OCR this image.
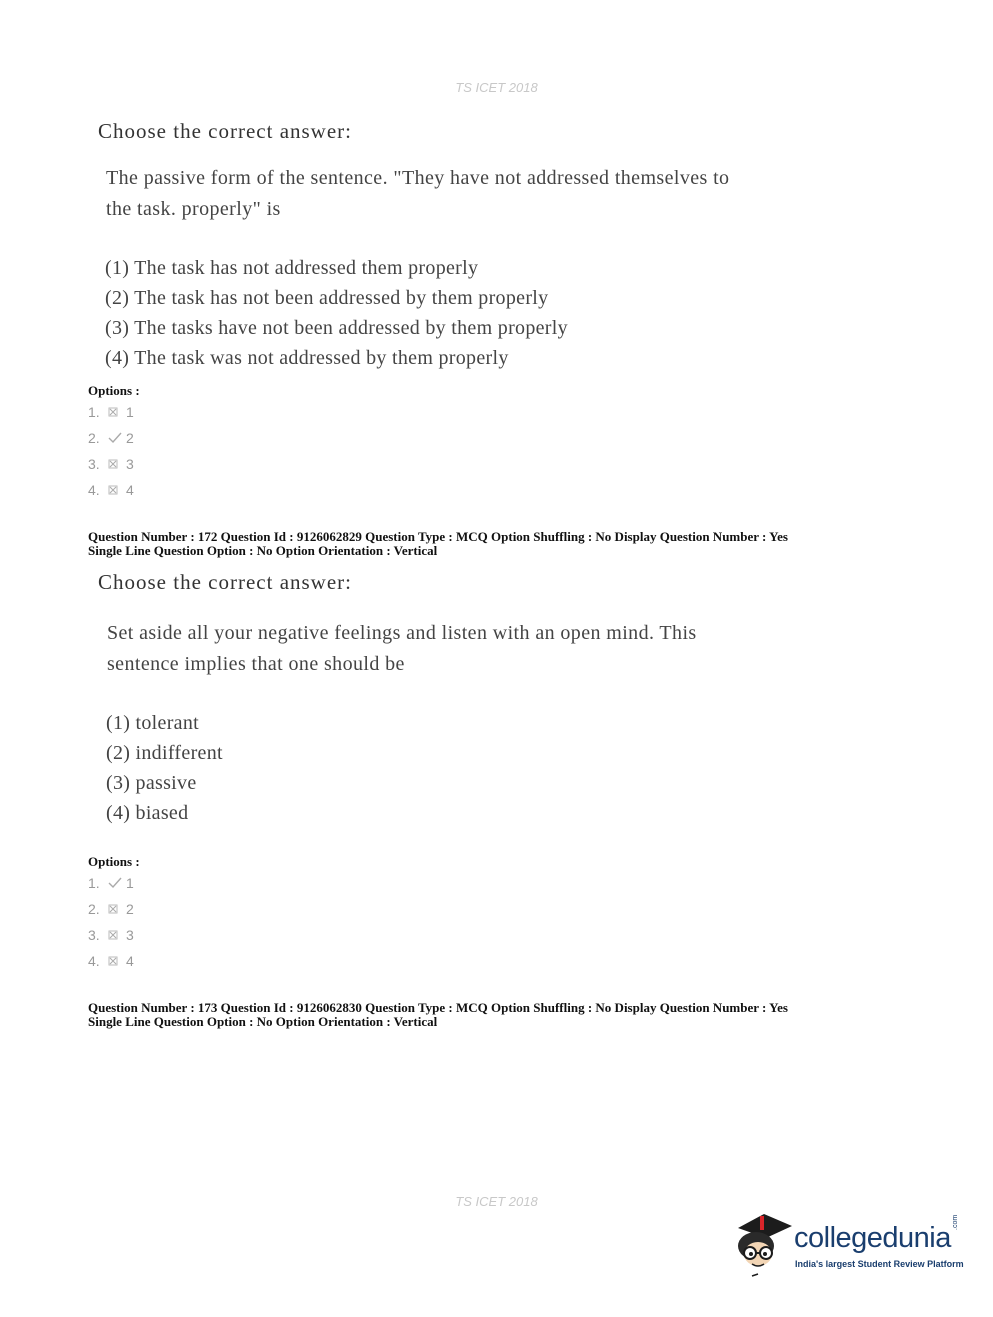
TS ICET 2018
Choose the correct answer:
The passive form of the sentence. "They have not addressed themselves to
the task. properly" is
(1) The task has not addressed them properly
(2) The task has not been addressed by them properly
(3) The tasks have not been addressed by them properly
(4) The task was not addressed by them properly
Options :
1.	1
2.	2
3.	3
4.	4
Question Number : 172 Question Id : 9126062829 Question Type : MCQ Option Shuffling : No Display Question Number : Yes
Single Line Question Option : No Option Orientation : Vertical
Choose the correct answer:
Set aside all your negative feelings and listen with an open mind. This
sentence implies that one should be
(1) tolerant
(2) indifferent
(3) passive
(4) biased
Options :
1.	1
2.	2
3.	3
4.	4
Question Number : 173 Question Id : 9126062830 Question Type : MCQ Option Shuffling : No Display Question Number : Yes
Single Line Question Option : No Option Orientation : Vertical
TS ICET 2018
collegedunia .com
India's largest Student Review Platform
